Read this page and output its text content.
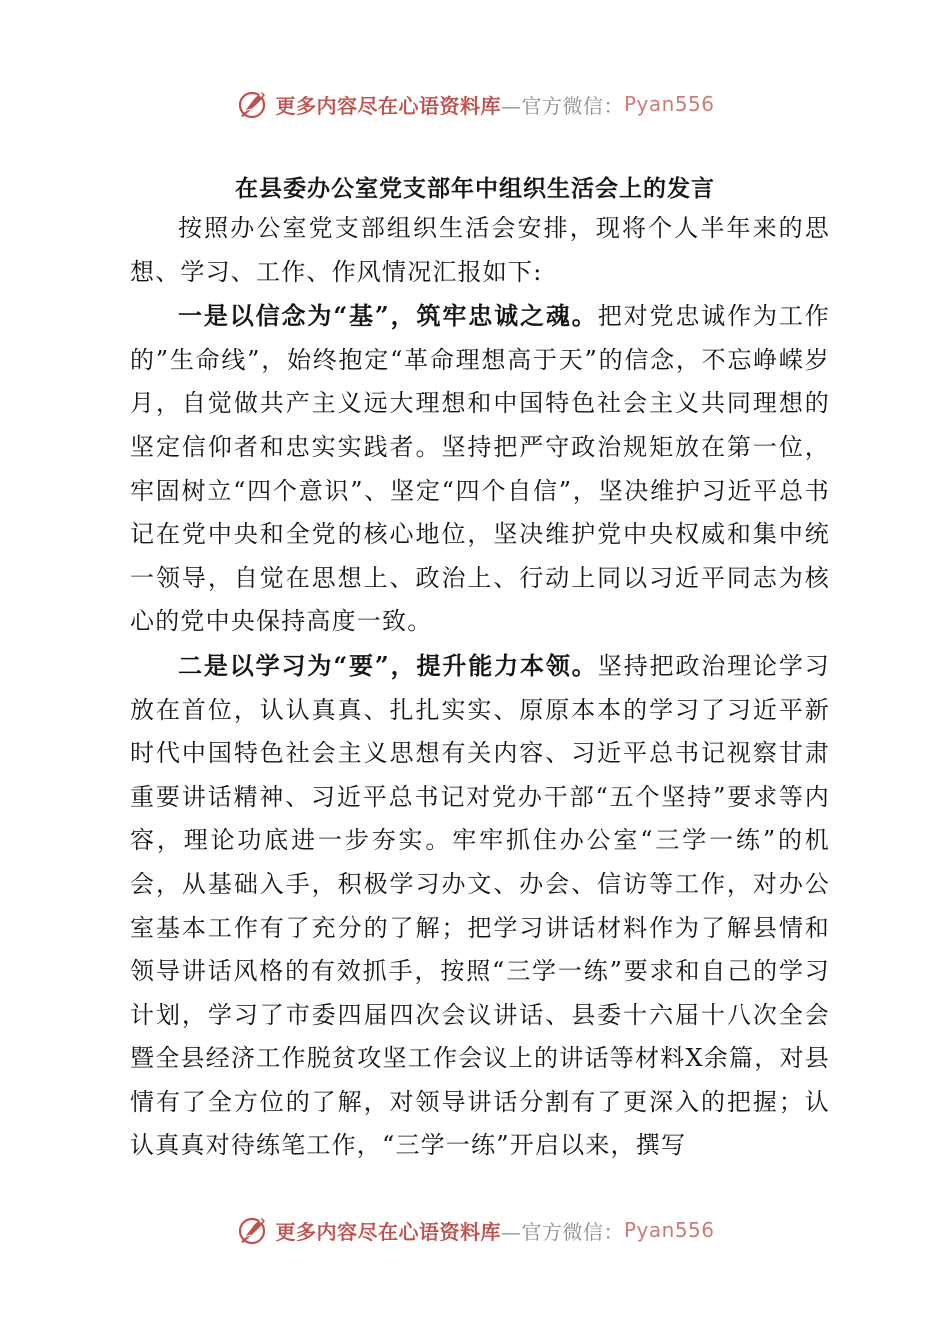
更多内容尽在心语资料库 —官方微信： Pyan556
在县委办公室党支部年中组织生活会上的发言

按照办公室党支部组织生活会安排，现将个人半年来的思想、学习、工作、作风情况汇报如下:

一是以信念为“基”，筑牢忠诚之魂。把对党忠诚作为工作的”生命线”，始终抱定“革命理想高于天”的信念，不忘峥嵘岁月，自觉做共产主义远大理想和中国特色社会主义共同理想的坚定信仰者和忠实实践者。坚持把严守政治规矩放在第一位，牢固树立“四个意识”、坚定“四个自信”，坚决维护习近平总书记在党中央和全党的核心地位，坚决维护党中央权威和集中统一领导，自觉在思想上、政治上、行动上同以习近平同志为核心的党中央保持高度一致。

二是以学习为“要”，提升能力本领。坚持把政治理论学习放在首位，认认真真、扎扎实实、原原本本的学习了习近平新时代中国特色社会主义思想有关内容、习近平总书记视察甘肃重要讲话精神、习近平总书记对党办干部“五个坚持”要求等内容，理论功底进一步夯实。牢牢抓住办公室“三学一练”的机会，从基础入手，积极学习办文、办会、信访等工作，对办公室基本工作有了充分的了解；把学习讲话材料作为了解县情和领导讲话风格的有效抓手，按照“三学一练”要求和自己的学习计划，学习了市委四届四次会议讲话、县委十六届十八次全会暨全县经济工作脱贫攻坚工作会议上的讲话等材料X余篇，对县情有了全方位的了解，对领导讲话分割有了更深入的把握；认认真真对待练笔工作，“三学一练”开启以来，撰写

更多内容尽在心语资料库 —官方微信： Pyan556
